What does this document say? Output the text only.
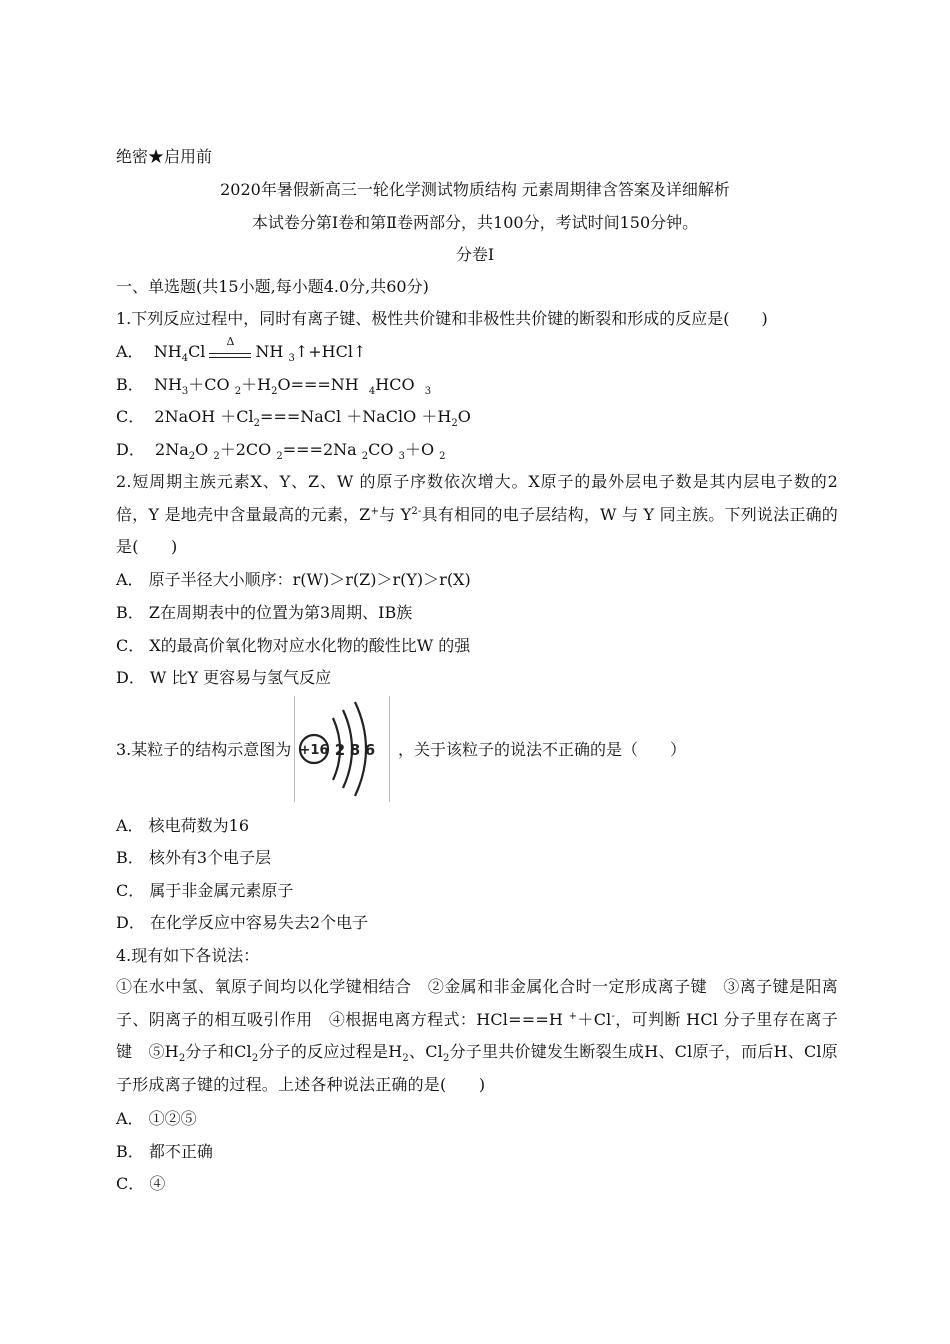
绝密★启用前
2020年暑假新高三一轮化学测试物质结构 元素周期律含答案及详细解析
本试卷分第Ⅰ卷和第Ⅱ卷两部分，共100分，考试时间150分钟。
分卷I
一、单选题(共15小题,每小题4.0分,共60分)
1.下列反应过程中，同时有离子键、极性共价键和非极性共价键的断裂和形成的反应是(　　)
A． $NH_4Cl$
Δ
NH $_3$↑+HCl↑
B． $NH_3+CO$ $_2+H_2O===NH$ $_4$HCO $_3$
C． 2NaOH $+Cl_2===NaCl$ ＋NaClO $+H_2O$
D． $2Na_2O$ $_2$＋2CO $_2$===2Na $_2$CO $_3$＋O $_2$
2.短周期主族元素X、Y、Z、W 的原子序数依次增大。X原子的最外层电子数是其内层电子数的2倍，Y 是地壳中含量最高的元素，Z+与 $Y^{2-}$具有相同的电子层结构，W 与 Y 同主族。下列说法正确的是(　　)
A． 原子半径大小顺序：r(W)＞r(Z)＞r(Y)＞r(X)
B． Z在周期表中的位置为第3周期、ⅠB族
C． X的最高价氧化物对应水化物的酸性比W 的强
D． W 比Y 更容易与氢气反应
3.某粒子的结构示意图为 +16 2 8 6 ，关于该粒子的说法不正确的是（　　）
A． 核电荷数为16
B． 核外有3个电子层
C． 属于非金属元素原子
D． 在化学反应中容易失去2个电子
4.现有如下各说法：
①在水中氢、氧原子间均以化学键相结合　②金属和非金属化合时一定形成离子键　③离子键是阳离子、阴离子的相互吸引作用　④根据电离方程式：HCl===H +＋Cl-，可判断 HCl 分子里存在离子键　$⑤H_2$分子和$Cl_2$分子的反应过程是$H_2$、$Cl_2$分子里共价键发生断裂生成H、Cl原子，而后H、Cl原子形成离子键的过程。上述各种说法正确的是(　　)
A． ①②⑤
B． 都不正确
C． ④
